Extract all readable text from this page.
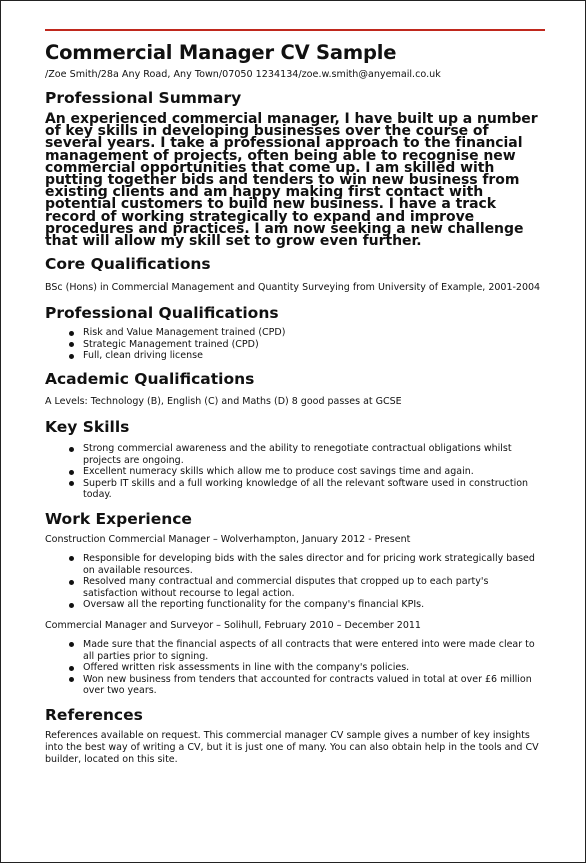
Commercial Manager CV Sample

/Zoe Smith/28a Any Road, Any Town/07050 1234134/zoe.w.smith@anyemail.co.uk

Professional Summary

An experienced commercial manager, I have built up a number of key skills in developing businesses over the course of several years. I take a professional approach to the financial management of projects, often being able to recognise new commercial opportunities that come up. I am skilled with putting together bids and tenders to win new business from existing clients and am happy making first contact with potential customers to build new business. I have a track record of working strategically to expand and improve procedures and practices. I am now seeking a new challenge that will allow my skill set to grow even further.

Core Qualifications

BSc (Hons) in Commercial Management and Quantity Surveying from University of Example, 2001-2004

Professional Qualifications
Risk and Value Management trained (CPD)
Strategic Management trained (CPD)
Full, clean driving license
Academic Qualifications

A Levels: Technology (B), English (C) and Maths (D) 8 good passes at GCSE

Key Skills
Strong commercial awareness and the ability to renegotiate contractual obligations whilst projects are ongoing.
Excellent numeracy skills which allow me to produce cost savings time and again.
Superb IT skills and a full working knowledge of all the relevant software used in construction today.
Work Experience

Construction Commercial Manager – Wolverhampton, January 2012 - Present

Responsible for developing bids with the sales director and for pricing work strategically based on available resources.
Resolved many contractual and commercial disputes that cropped up to each party's satisfaction without recourse to legal action.
Oversaw all the reporting functionality for the company's financial KPIs.

Commercial Manager and Surveyor – Solihull, February 2010 – December 2011

Made sure that the financial aspects of all contracts that were entered into were made clear to all parties prior to signing.
Offered written risk assessments in line with the company's policies.
Won new business from tenders that accounted for contracts valued in total at over £6 million over two years.
References

References available on request. This commercial manager CV sample gives a number of key insights into the best way of writing a CV, but it is just one of many. You can also obtain help in the tools and CV builder, located on this site.
